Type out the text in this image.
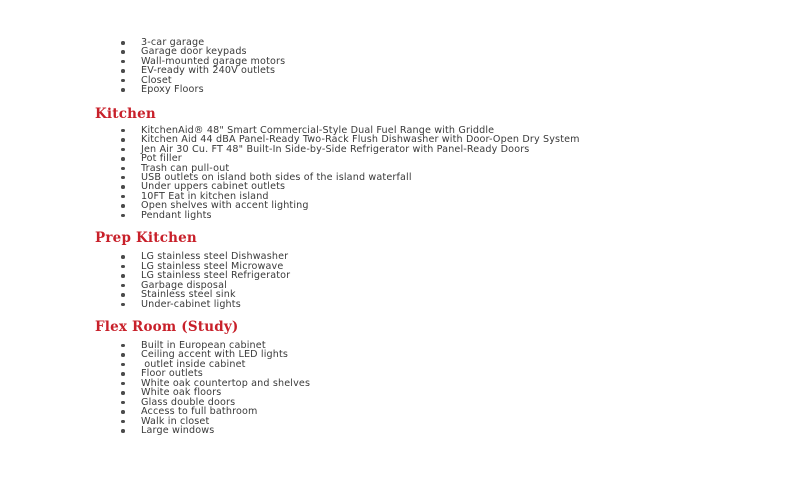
3-car garage
Garage door keypads
Wall-mounted garage motors
EV-ready with 240V outlets
Closet
Epoxy Floors
Kitchen
KitchenAid® 48" Smart Commercial-Style Dual Fuel Range with Griddle
Kitchen Aid 44 dBA Panel-Ready Two-Rack Flush Dishwasher with Door-Open Dry System
Jen Air 30 Cu. FT 48" Built-In Side-by-Side Refrigerator with Panel-Ready Doors
Pot filler
Trash can pull-out
USB outlets on island both sides of the island waterfall
Under uppers cabinet outlets
10FT Eat in kitchen island
Open shelves with accent lighting
Pendant lights
Prep Kitchen
LG stainless steel Dishwasher
LG stainless steel Microwave
LG stainless steel Refrigerator
Garbage disposal
Stainless steel sink
Under-cabinet lights
Flex Room (Study)
Built in European cabinet
Ceiling accent with LED lights
outlet inside cabinet
Floor outlets
White oak countertop and shelves
White oak floors
Glass double doors
Access to full bathroom
Walk in closet
Large windows
